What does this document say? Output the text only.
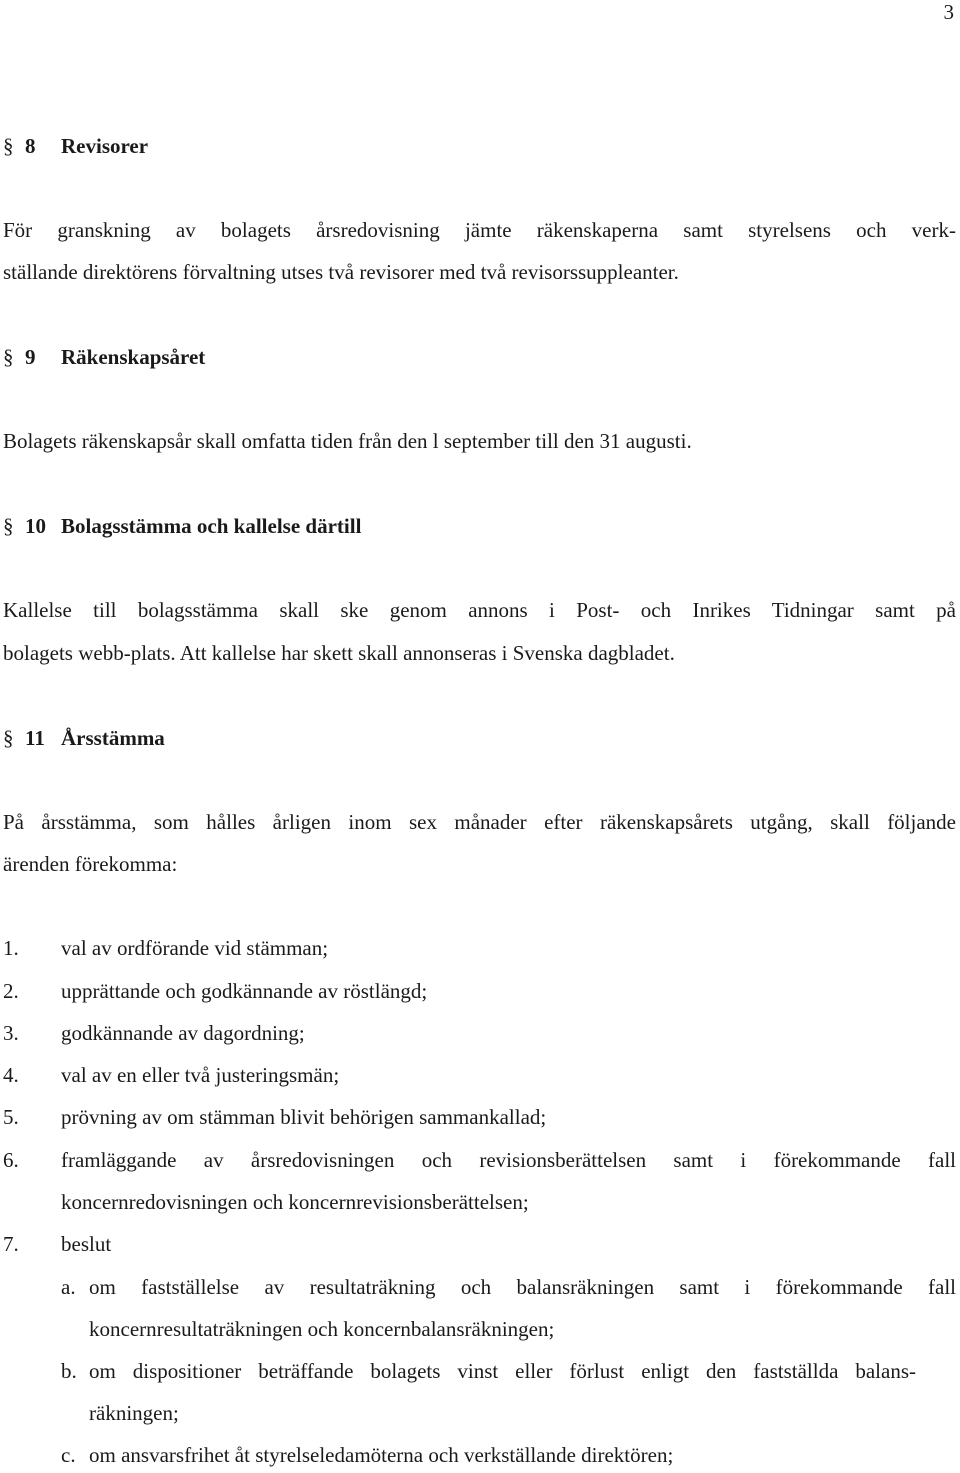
3
§ 8 Revisorer
För granskning av bolagets årsredovisning jämte räkenskaperna samt styrelsens och verk-
ställande direktörens förvaltning utses två revisorer med två revisorssuppleanter.
§ 9 Räkenskapsåret
Bolagets räkenskapsår skall omfatta tiden från den l september till den 31 augusti.
§ 10 Bolagsstämma och kallelse därtill
Kallelse till bolagsstämma skall ske genom annons i Post- och Inrikes Tidningar samt på
bolagets webb-plats. Att kallelse har skett skall annonseras i Svenska dagbladet.
§ 11 Årsstämma
På årsstämma, som hålles årligen inom sex månader efter räkenskapsårets utgång, skall följande
ärenden förekomma:
1. val av ordförande vid stämman;
2. upprättande och godkännande av röstlängd;
3. godkännande av dagordning;
4. val av en eller två justeringsmän;
5. prövning av om stämman blivit behörigen sammankallad;
6. framläggande av årsredovisningen och revisionsberättelsen samt i förekommande fall
koncernredovisningen och koncernrevisionsberättelsen;
7. beslut
a. om fastställelse av resultaträkning och balansräkningen samt i förekommande fall
koncernresultaträkningen och koncernbalansräkningen;
b. om dispositioner beträffande bolagets vinst eller förlust enligt den fastställda balans-
räkningen;
c. om ansvarsfrihet åt styrelseledamöterna och verkställande direktören;
